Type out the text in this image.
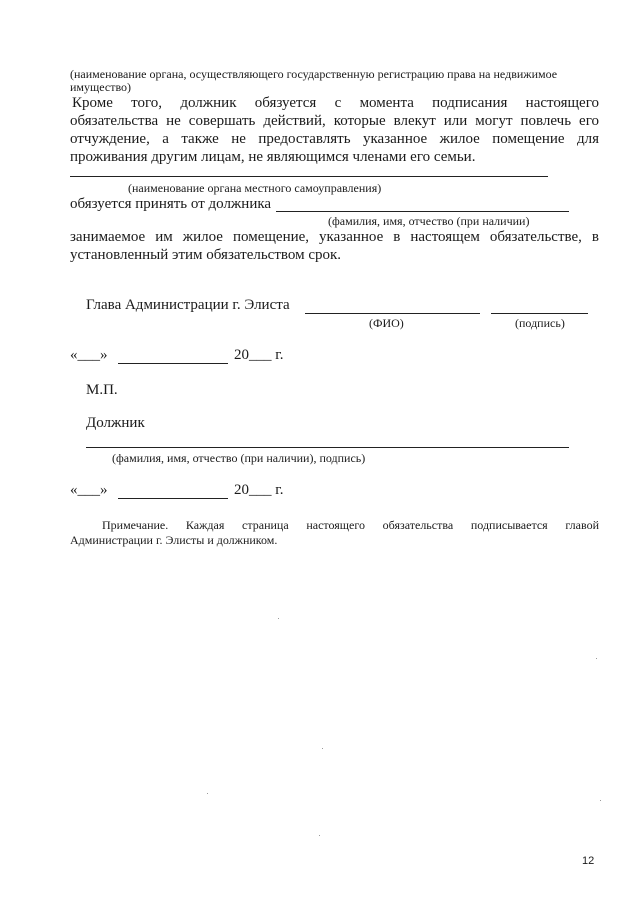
(наименование органа, осуществляющего государственную регистрацию права на недвижимое
имущество)
Кроме того, должник обязуется с момента подписания настоящего
обязательства не совершать действий, которые влекут или могут повлечь его
отчуждение, а также не предоставлять указанное жилое помещение для
проживания другим лицам, не являющимся членами его семьи.
(наименование органа местного самоуправления)
обязуется принять от должника
(фамилия, имя, отчество (при наличии)
занимаемое им жилое помещение, указанное в настоящем обязательстве, в
установленный этим обязательством срок.
Глава Администрации г. Элиста
(ФИО)	(подпись)
«___»	20___ г.
М.П.
Должник
(фамилия, имя, отчество (при наличии), подпись)
«___»	20___ г.
Примечание. Каждая страница настоящего обязательства подписывается главой
Администрации г. Элисты и должником.
12
